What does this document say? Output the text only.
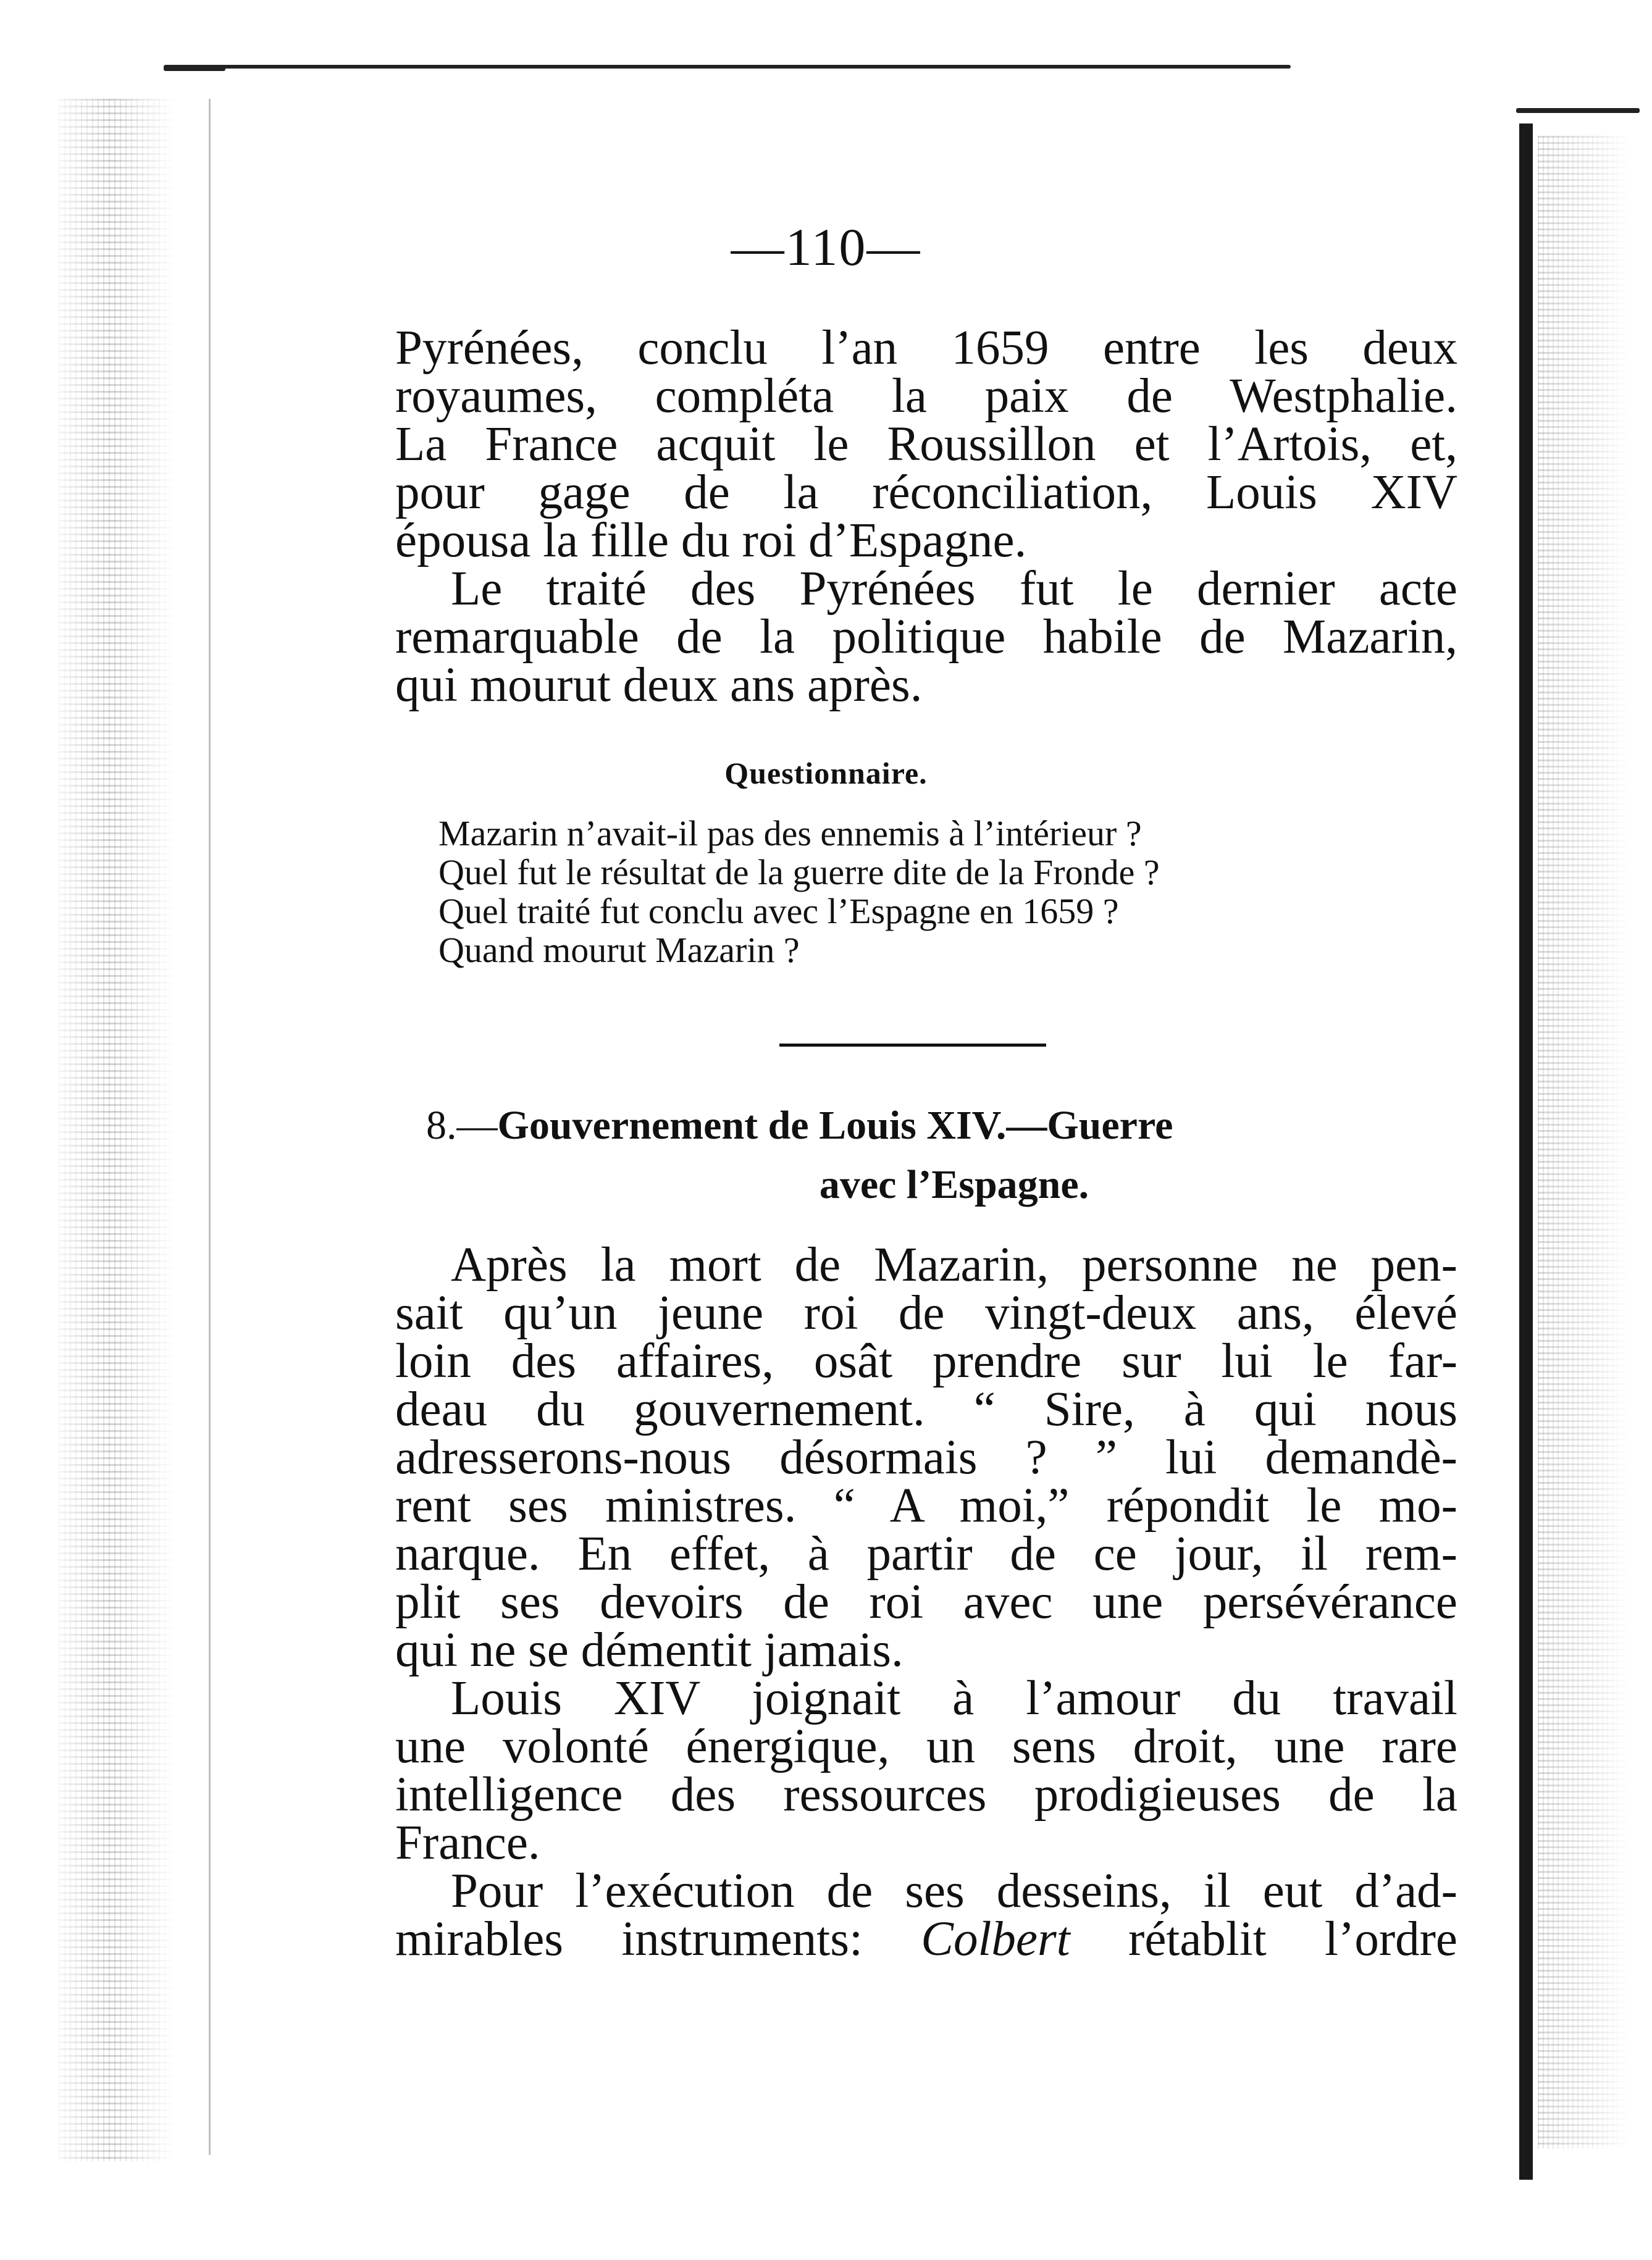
—110—
Pyrénées, conclu l’an 1659 entre les deux
royaumes, compléta la paix de Westphalie.
La France acquit le Roussillon et l’Artois, et,
pour gage de la réconciliation, Louis XIV
épousa la fille du roi d’Espagne.
Le traité des Pyrénées fut le dernier acte
remarquable de la politique habile de Mazarin,
qui mourut deux ans après.
Questionnaire.
Mazarin n’avait-il pas des ennemis à l’intérieur ?
Quel fut le résultat de la guerre dite de la Fronde ?
Quel traité fut conclu avec l’Espagne en 1659 ?
Quand mourut Mazarin ?
8.—Gouvernement de Louis XIV.—Guerre
avec l’Espagne.
Après la mort de Mazarin, personne ne pen-
sait qu’un jeune roi de vingt-deux ans, élevé
loin des affaires, osât prendre sur lui le far-
deau du gouvernement. “ Sire, à qui nous
adresserons-nous désormais ? ” lui demandè-
rent ses ministres. “ A moi,” répondit le mo-
narque. En effet, à partir de ce jour, il rem-
plit ses devoirs de roi avec une persévérance
qui ne se démentit jamais.
Louis XIV joignait à l’amour du travail
une volonté énergique, un sens droit, une rare
intelligence des ressources prodigieuses de la
France.
Pour l’exécution de ses desseins, il eut d’ad-
mirables instruments: Colbert rétablit l’ordre
